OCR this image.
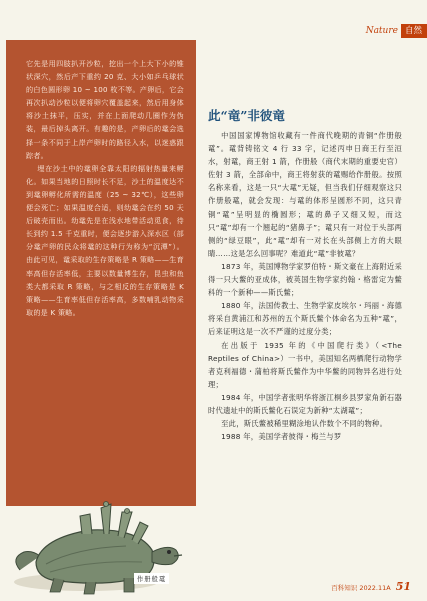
Nature 自然

它先是用四肢扒开沙粒，挖出一个上大下小的锥状深穴，然后产下重约 20 克、大小如乒乓球状的白色圆形卵 10 ~ 100 枚不等。产卵后，它会再次扒动沙粒以便将卵穴覆盖起来，然后用身体将沙土抹平，压实，并在上面爬动几圈作为伪装，最后掉头离开。有趣的是，产卵后的鼋会选择一条不同于上岸产卵时的路径入水，以迷惑跟踪者。

埋在沙土中的鼋卵全靠太阳的辐射热量来孵化。如果当地的日照时长不足，沙土的温度达不到鼋卵孵化所需的温度（25 ~ 32℃），这些卵便会死亡；如果温度合适，则幼鼋会在约 50 天后破壳而出。幼鼋先是在浅水地带活动觅食，待长到约 1.5 千克重时，便会逐步游入深水区（部分鼋产卵的民众将鼋的这种行为称为“沉潭”）。由此可见，鼋采取的生存策略是 R 策略——生育率高但存活率低，主要以数量博生存，昆虫和鱼类大都采取 R 策略，与之相反的生存策略是 K 策略——生育率低但存活率高，多数哺乳动物采取的是 K 策略。

作册般鼋
此“竜”非彼竜

中国国家博物馆收藏有一件商代晚期的青铜“作册般鼋”。鼋背铸铭文 4 行 33 字，记述丙申日商王行至洹水，射鼋，商王射 1 箭，作册般（商代末期的重要史官）佐射 3 箭，全部命中，商王将射获的鼋赐给作册般。按照名称来看，这是一只“大鼋”无疑，但当我们仔细观察这只作册般鼋，就会发现：与鼋的体形呈圆形不同，这只青铜“鼋”呈明显的椭圆形；鼋的鼻子又细又短，而这只“鼋”却有一个翘起的“猪鼻子”；鼋只有一对位于头部两侧的“绿豆眼”，此“鼋”却有一对长在头部侧上方的大眼睛……这是怎么回事呢？难道此“鼋”非彼鼋？

1873 年，英国博物学家罗伯特・斯文豪在上海附近采得一只大鳖的亚成体，被英国生物学家约翰・格雷定为鳖科的一个新种——斯氏鳖；

1880 年，法国传教士、生物学家皮埃尔・玛丽・海德将采自黄浦江和苏州的五个斯氏鳖个体命名为五种“鼋”，后来证明这是一次不严谨的过度分类；

在出版于 1935 年的《中国爬行类》（<The Reptiles of China>）一书中，美国知名两栖爬行动物学者克利福德・蒲柏将斯氏鳖作为中华鳖的同物异名进行处理；

1984 年，中国学者张明华将浙江桐乡县罗家角新石器时代遗址中的斯氏鳖化石误定为新种“太湖鼋”；

至此，斯氏鳖被稀里糊涂地认作数个不同的物种。

1988 年，美国学者彼得・梅兰与罗

百科知识 2022.11A 51
